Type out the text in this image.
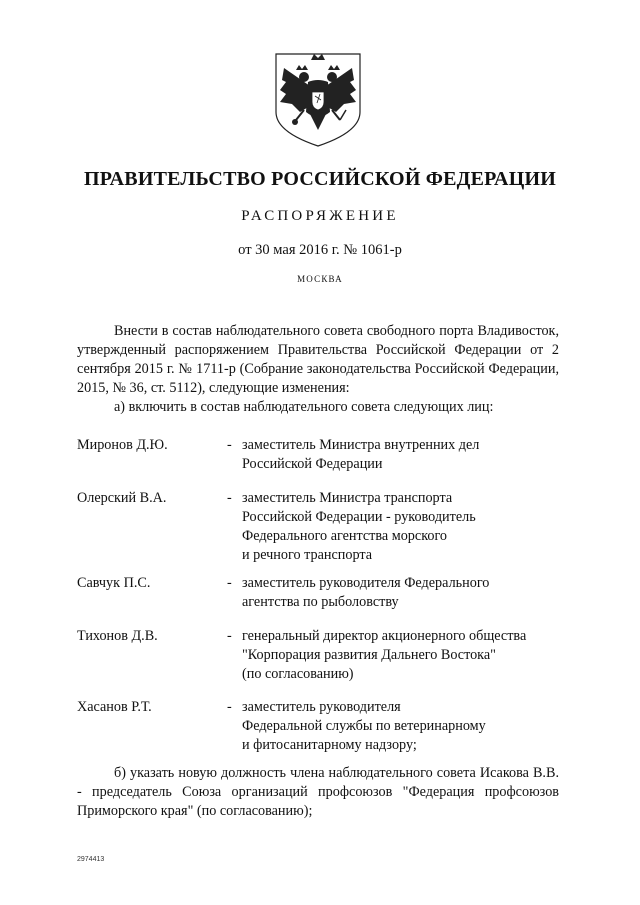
ПРАВИТЕЛЬСТВО РОССИЙСКОЙ ФЕДЕРАЦИИ
РАСПОРЯЖЕНИЕ
от 30 мая 2016 г. № 1061-р
МОСКВА

Внести в состав наблюдательного совета свободного порта Владивосток, утвержденный распоряжением Правительства Российской Федерации от 2 сентября 2015 г. № 1711-р (Собрание законодательства Российской Федерации, 2015, № 36, ст. 5112), следующие изменения:

а) включить в состав наблюдательного совета следующих лиц:

Миронов Д.Ю.	- заместитель Министра внутренних дел
Российской Федерации
Олерский В.А.	- заместитель Министра транспорта
Российской Федерации - руководитель
Федерального агентства морского
и речного транспорта
Савчук П.С.	- заместитель руководителя Федерального
агентства по рыболовству
Тихонов Д.В.	- генеральный директор акционерного общества
"Корпорация развития Дальнего Востока"
(по согласованию)
Хасанов Р.Т.	- заместитель руководителя
Федеральной службы по ветеринарному
и фитосанитарному надзору;

б) указать новую должность члена наблюдательного совета Исакова В.В. - председатель Союза организаций профсоюзов "Федерация профсоюзов Приморского края" (по согласованию);

2974413
